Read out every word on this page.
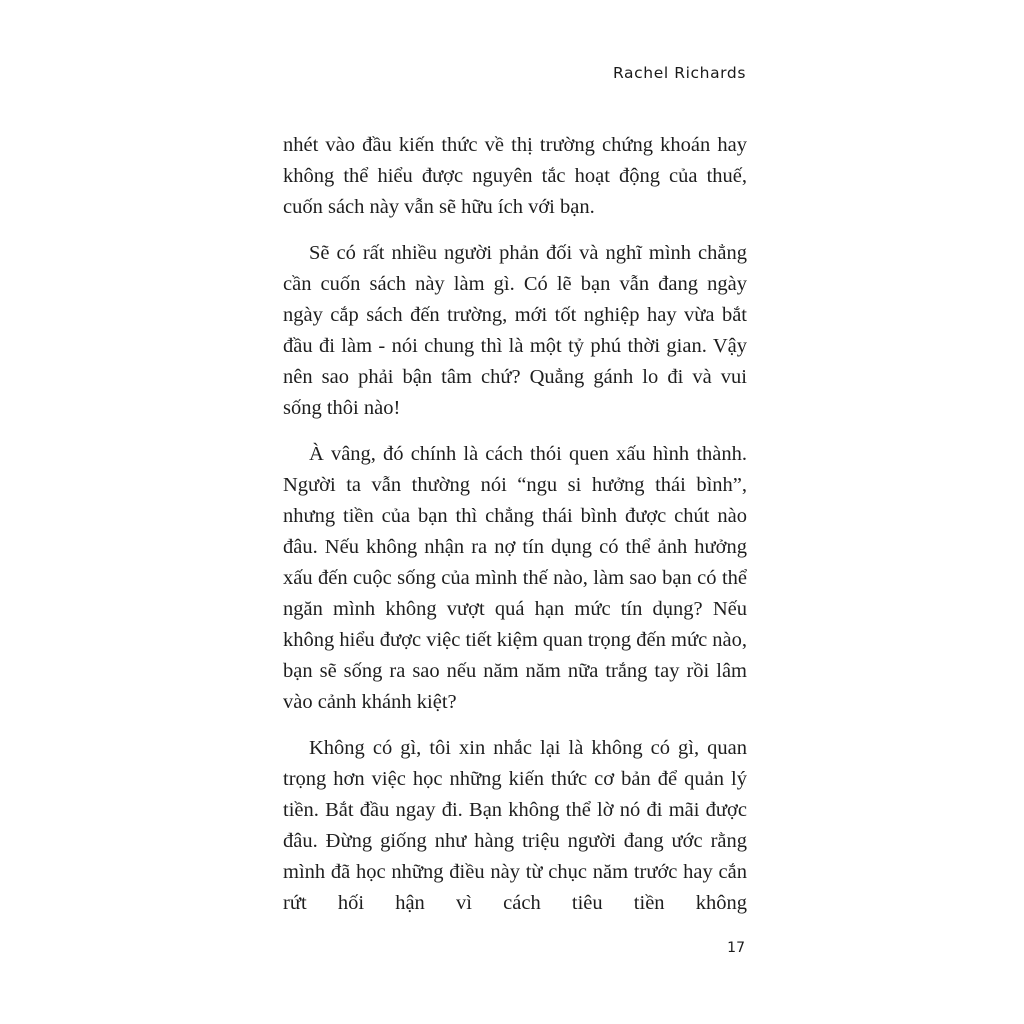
Rachel Richards

nhét vào đầu kiến thức về thị trường chứng khoán hay không thể hiểu được nguyên tắc hoạt động của thuế, cuốn sách này vẫn sẽ hữu ích với bạn.

Sẽ có rất nhiều người phản đối và nghĩ mình chẳng cần cuốn sách này làm gì. Có lẽ bạn vẫn đang ngày ngày cắp sách đến trường, mới tốt nghiệp hay vừa bắt đầu đi làm - nói chung thì là một tỷ phú thời gian. Vậy nên sao phải bận tâm chứ? Quẳng gánh lo đi và vui sống thôi nào!

À vâng, đó chính là cách thói quen xấu hình thành. Người ta vẫn thường nói “ngu si hưởng thái bình”, nhưng tiền của bạn thì chẳng thái bình được chút nào đâu. Nếu không nhận ra nợ tín dụng có thể ảnh hưởng xấu đến cuộc sống của mình thế nào, làm sao bạn có thể ngăn mình không vượt quá hạn mức tín dụng? Nếu không hiểu được việc tiết kiệm quan trọng đến mức nào, bạn sẽ sống ra sao nếu năm năm nữa trắng tay rồi lâm vào cảnh khánh kiệt?

Không có gì, tôi xin nhắc lại là không có gì, quan trọng hơn việc học những kiến thức cơ bản để quản lý tiền. Bắt đầu ngay đi. Bạn không thể lờ nó đi mãi được đâu. Đừng giống như hàng triệu người đang ước rằng mình đã học những điều này từ chục năm trước hay cắn rứt hối hận vì cách tiêu tiền không

17
